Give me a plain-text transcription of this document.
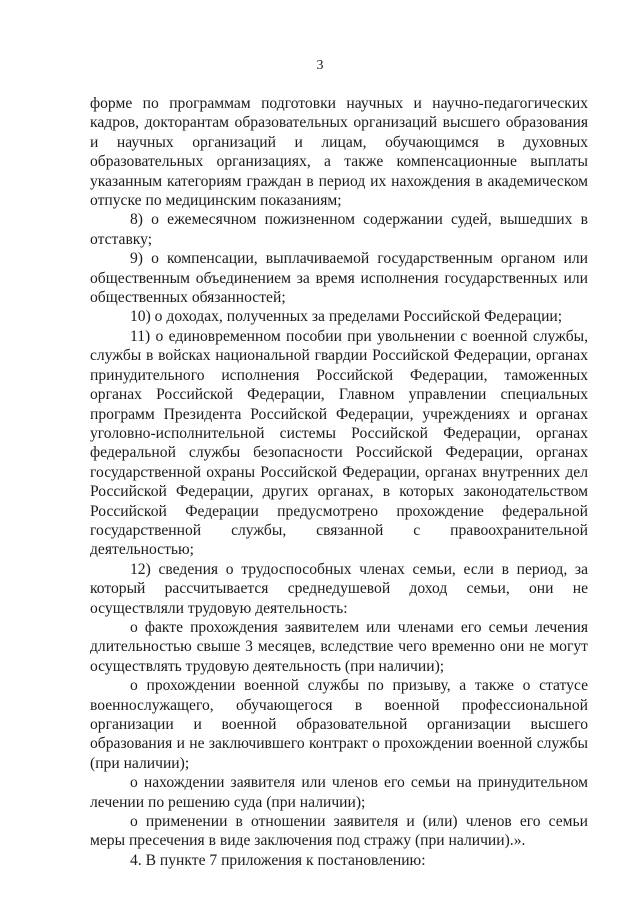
3

форме по программам подготовки научных и научно-педагогических кадров, докторантам образовательных организаций высшего образования и научных организаций и лицам, обучающимся в духовных образовательных организациях, а также компенсационные выплаты указанным категориям граждан в период их нахождения в академическом отпуске по медицинским показаниям;

8) о ежемесячном пожизненном содержании судей, вышедших в отставку;

9) о компенсации, выплачиваемой государственным органом или общественным объединением за время исполнения государственных или общественных обязанностей;

10) о доходах, полученных за пределами Российской Федерации;

11) о единовременном пособии при увольнении с военной службы, службы в войсках национальной гвардии Российской Федерации, органах принудительного исполнения Российской Федерации, таможенных органах Российской Федерации, Главном управлении специальных программ Президента Российской Федерации, учреждениях и органах уголовно-исполнительной системы Российской Федерации, органах федеральной службы безопасности Российской Федерации, органах государственной охраны Российской Федерации, органах внутренних дел Российской Федерации, других органах, в которых законодательством Российской Федерации предусмотрено прохождение федеральной государственной службы, связанной с правоохранительной деятельностью;

12) сведения о трудоспособных членах семьи, если в период, за который рассчитывается среднедушевой доход семьи, они не осуществляли трудовую деятельность:

о факте прохождения заявителем или членами его семьи лечения длительностью свыше 3 месяцев, вследствие чего временно они не могут осуществлять трудовую деятельность (при наличии);

о прохождении военной службы по призыву, а также о статусе военнослужащего, обучающегося в военной профессиональной организации и военной образовательной организации высшего образования и не заключившего контракт о прохождении военной службы (при наличии);

о нахождении заявителя или членов его семьи на принудительном лечении по решению суда (при наличии);

о применении в отношении заявителя и (или) членов его семьи меры пресечения в виде заключения под стражу (при наличии).».

4. В пункте 7 приложения к постановлению:
